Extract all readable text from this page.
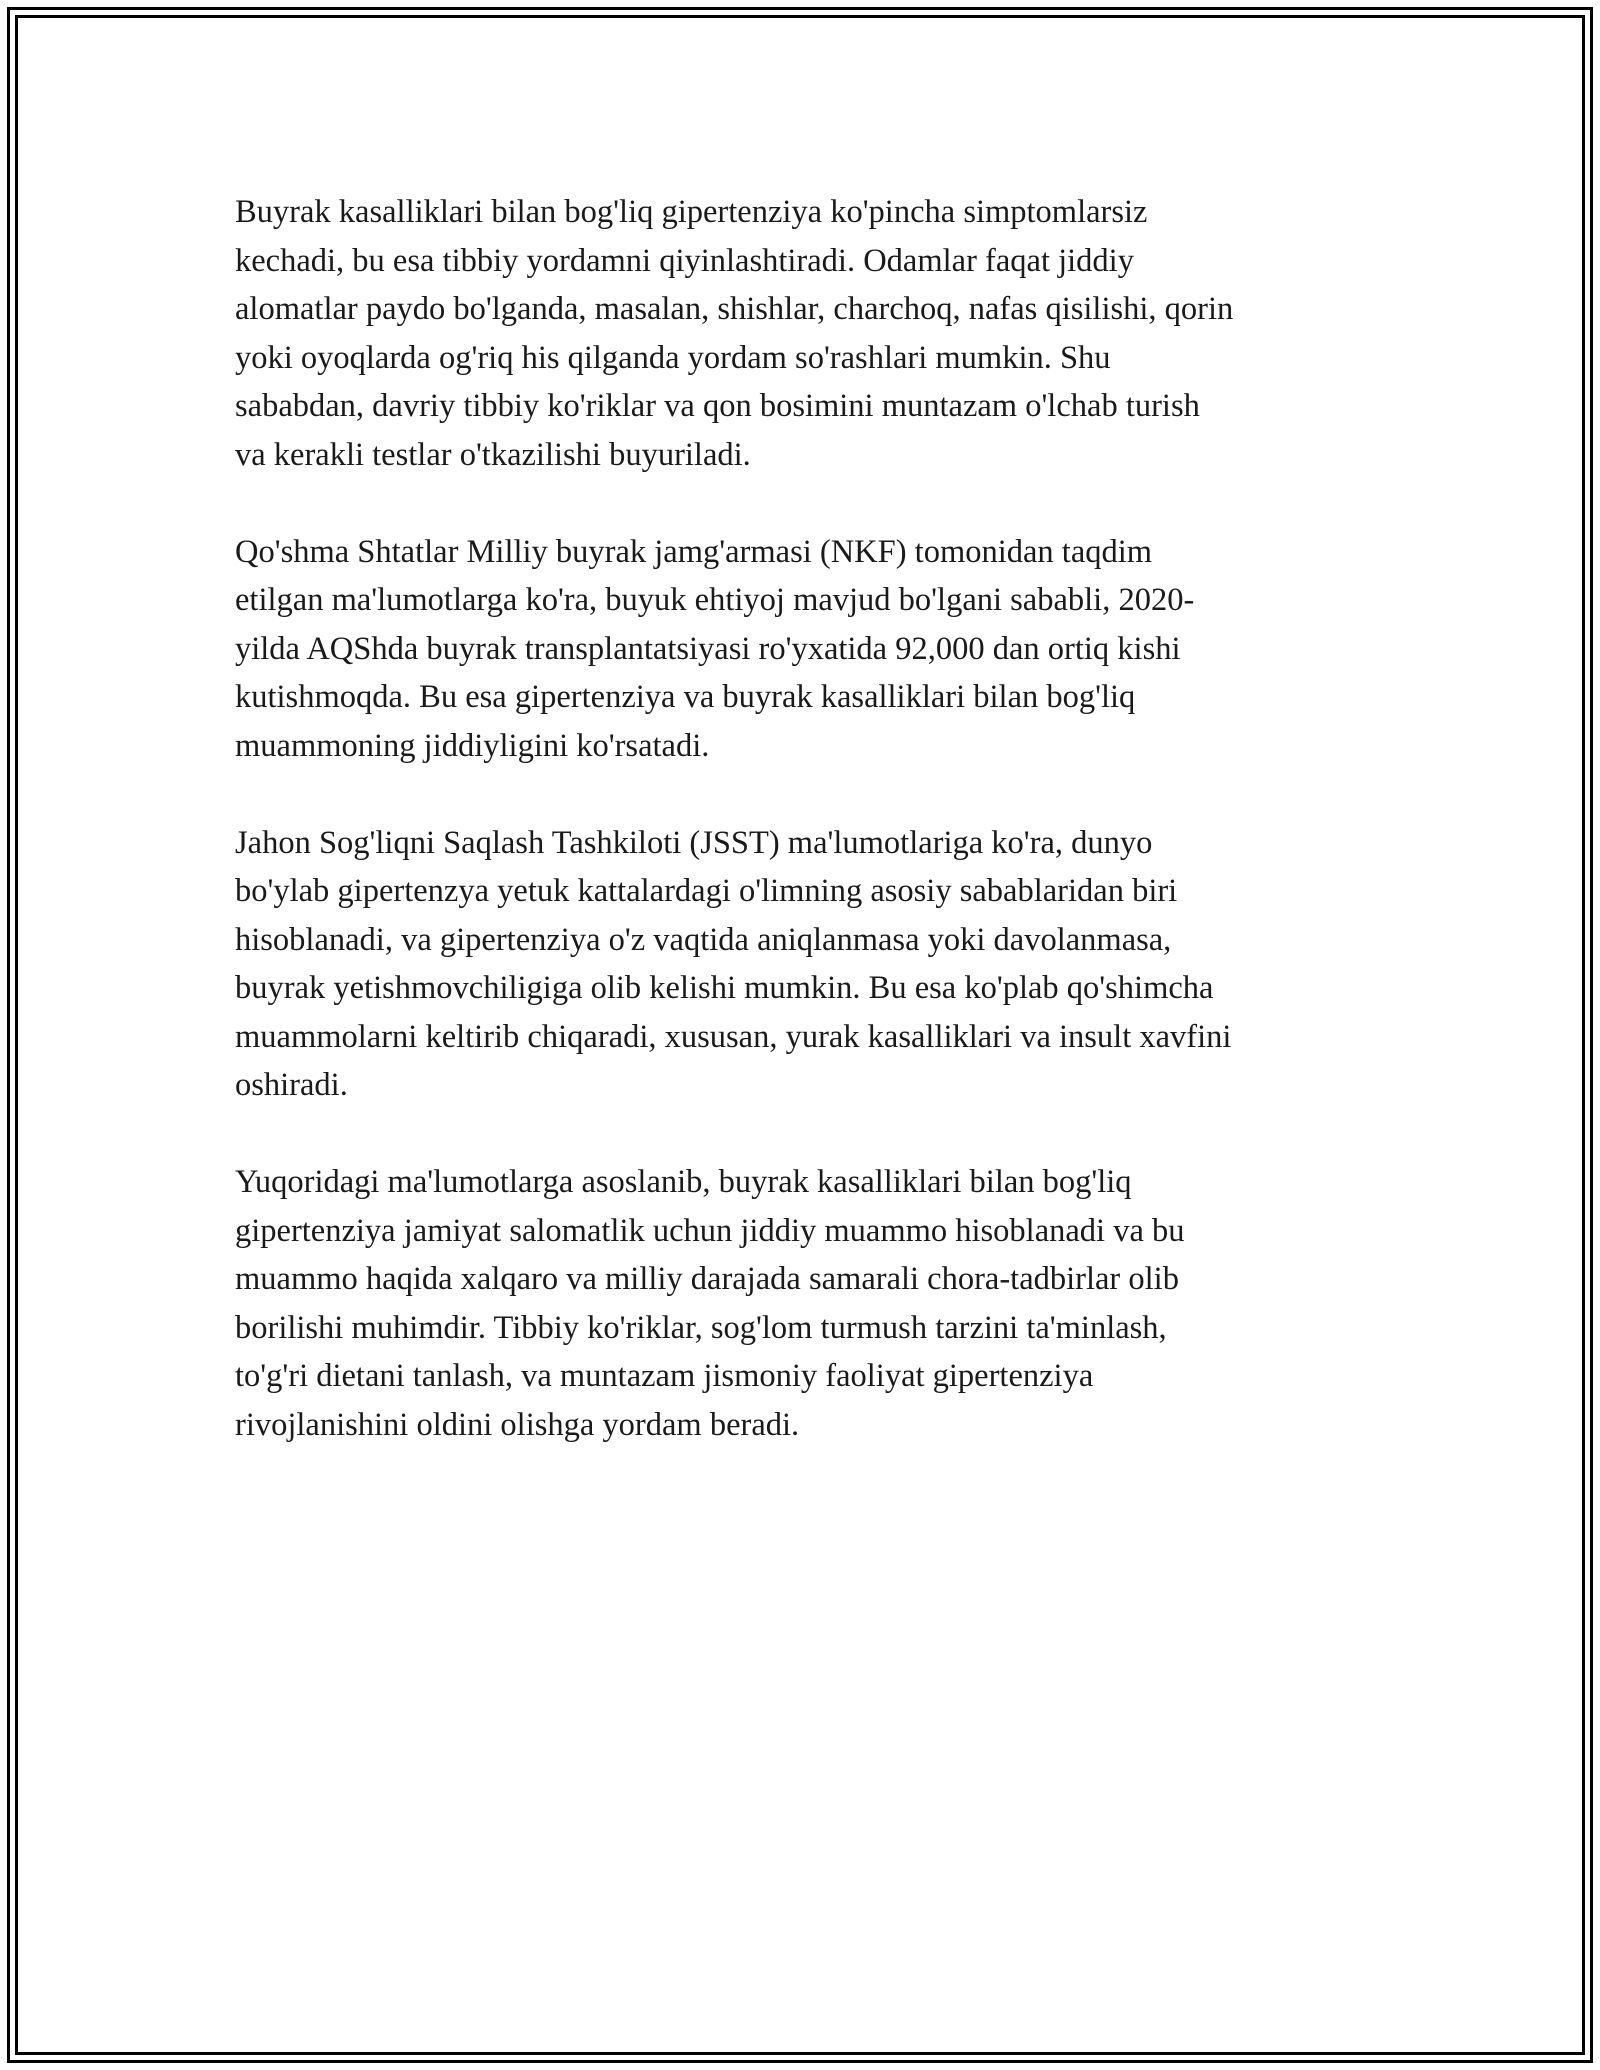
Buyrak kasalliklari bilan bog'liq gipertenziya ko'pincha simptomlarsiz
kechadi, bu esa tibbiy yordamni qiyinlashtiradi. Odamlar faqat jiddiy
alomatlar paydo bo'lganda, masalan, shishlar, charchoq, nafas qisilishi, qorin
yoki oyoqlarda og'riq his qilganda yordam so'rashlari mumkin. Shu
sababdan, davriy tibbiy ko'riklar va qon bosimini muntazam o'lchab turish
va kerakli testlar o'tkazilishi buyuriladi.

Qo'shma Shtatlar Milliy buyrak jamg'armasi (NKF) tomonidan taqdim
etilgan ma'lumotlarga ko'ra, buyuk ehtiyoj mavjud bo'lgani sababli, 2020-
yilda AQShda buyrak transplantatsiyasi ro'yxatida 92,000 dan ortiq kishi
kutishmoqda. Bu esa gipertenziya va buyrak kasalliklari bilan bog'liq
muammoning jiddiyligini ko'rsatadi.

Jahon Sog'liqni Saqlash Tashkiloti (JSST) ma'lumotlariga ko'ra, dunyo
bo'ylab gipertenzya yetuk kattalardagi o'limning asosiy sabablaridan biri
hisoblanadi, va gipertenziya o'z vaqtida aniqlanmasa yoki davolanmasa,
buyrak yetishmovchiligiga olib kelishi mumkin. Bu esa ko'plab qo'shimcha
muammolarni keltirib chiqaradi, xususan, yurak kasalliklari va insult xavfini
oshiradi.

Yuqoridagi ma'lumotlarga asoslanib, buyrak kasalliklari bilan bog'liq
gipertenziya jamiyat salomatlik uchun jiddiy muammo hisoblanadi va bu
muammo haqida xalqaro va milliy darajada samarali chora-tadbirlar olib
borilishi muhimdir. Tibbiy ko'riklar, sog'lom turmush tarzini ta'minlash,
to'g'ri dietani tanlash, va muntazam jismoniy faoliyat gipertenziya
rivojlanishini oldini olishga yordam beradi.
